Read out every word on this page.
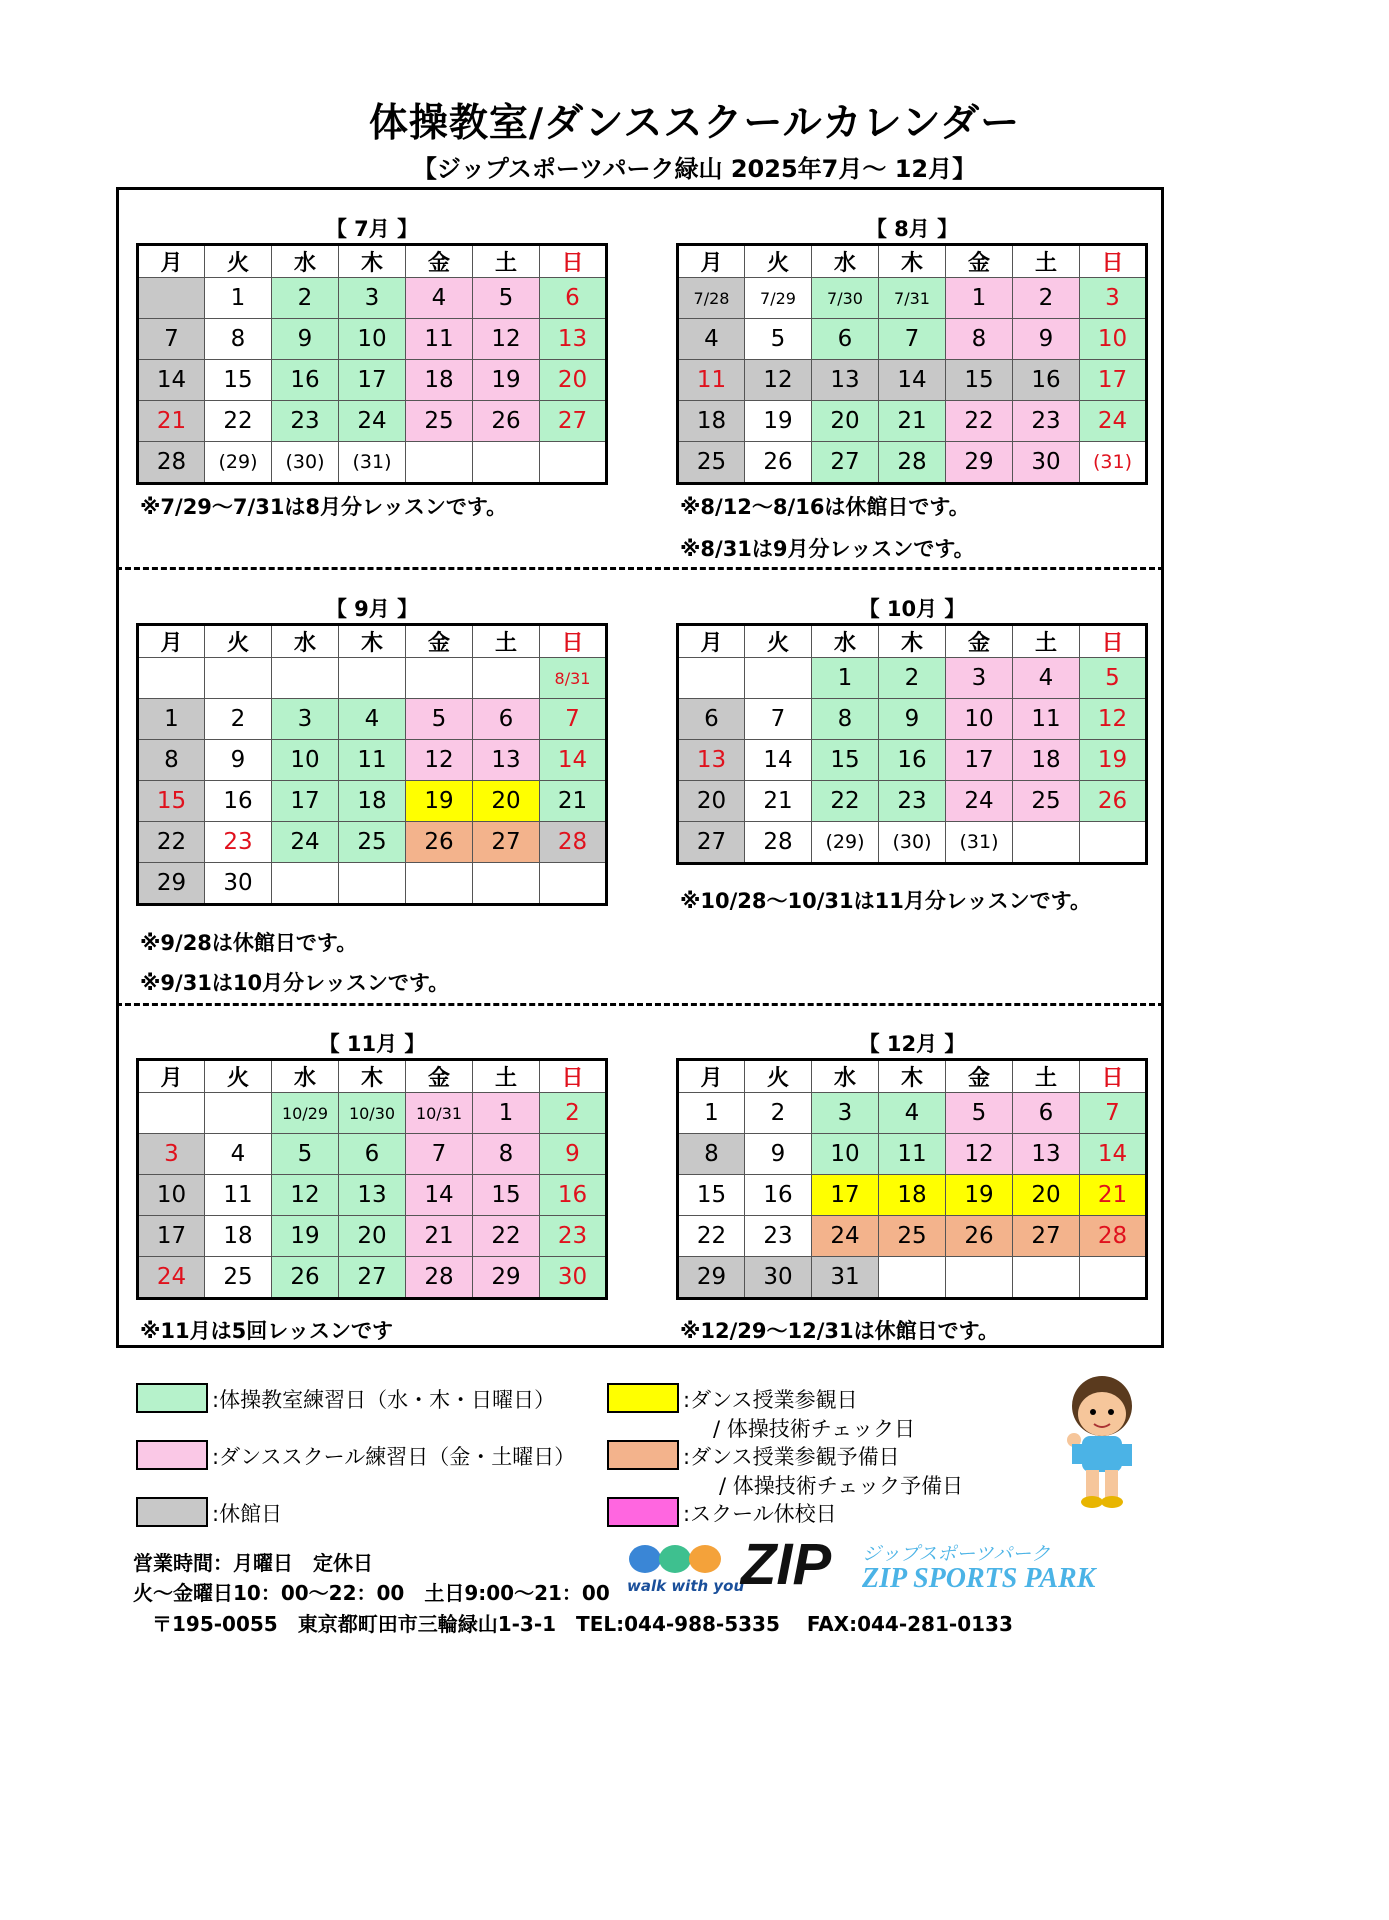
体操教室/ダンススクールカレンダー
【ジップスポーツパーク緑山 2025年7月～ 12月】
【 7月 】
月	火	水	木	金	土	日
	1	2	3	4	5	6
7	8	9	10	11	12	13
14	15	16	17	18	19	20
21	22	23	24	25	26	27
28	(29)	(30)	(31)			
【 8月 】
月	火	水	木	金	土	日
7/28	7/29	7/30	7/31	1	2	3
4	5	6	7	8	9	10
11	12	13	14	15	16	17
18	19	20	21	22	23	24
25	26	27	28	29	30	(31)
【 9月 】
月	火	水	木	金	土	日
						8/31
1	2	3	4	5	6	7
8	9	10	11	12	13	14
15	16	17	18	19	20	21
22	23	24	25	26	27	28
29	30					
【 10月 】
月	火	水	木	金	土	日
		1	2	3	4	5
6	7	8	9	10	11	12
13	14	15	16	17	18	19
20	21	22	23	24	25	26
27	28	(29)	(30)	(31)		
【 11月 】
月	火	水	木	金	土	日
		10/29	10/30	10/31	1	2
3	4	5	6	7	8	9
10	11	12	13	14	15	16
17	18	19	20	21	22	23
24	25	26	27	28	29	30
【 12月 】
月	火	水	木	金	土	日
1	2	3	4	5	6	7
8	9	10	11	12	13	14
15	16	17	18	19	20	21
22	23	24	25	26	27	28
29	30	31				
※7/29～7/31は8月分レッスンです。	※8/12～8/16は休館日です。
※8/31は9月分レッスンです。
※9/28は休館日です。
※9/31は10月分レッスンです。
※10/28～10/31は11月分レッスンです。
※11月は5回レッスンです	※12/29～12/31は休館日です。
:体操教室練習日（水・木・日曜日）
:ダンススクール練習日（金・土曜日）
:休館日
:ダンス授業参観日
/ 体操技術チェック日
:ダンス授業参観予備日
/ 体操技術チェック予備日
:スクール休校日
営業時間：月曜日　定休日
火～金曜日10：00～22：00　土日9:00～21：00
〒195-0055　東京都町田市三輪緑山1-3-1　TEL:044-988-5335　 FAX:044-281-0133
walk with you
ZIP ジップスポーツパーク
ZIP SPORTS PARK
